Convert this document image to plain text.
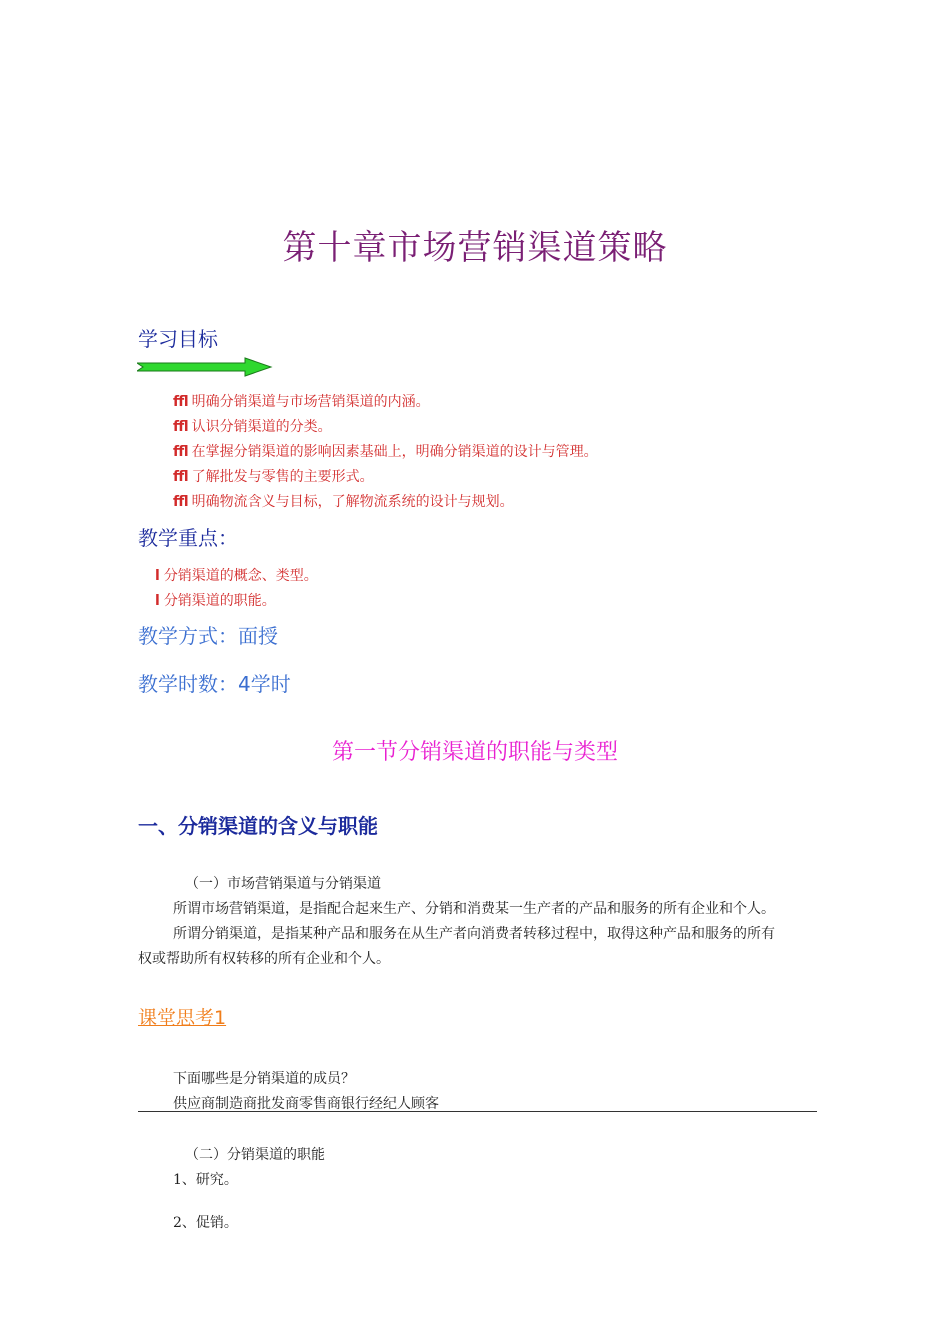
第十章市场营销渠道策略
学习目标
ffl 明确分销渠道与市场营销渠道的内涵。
ffl 认识分销渠道的分类。
ffl 在掌握分销渠道的影响因素基础上，明确分销渠道的设计与管理。
ffl 了解批发与零售的主要形式。
ffl 明确物流含义与目标，了解物流系统的设计与规划。
教学重点：
l 分销渠道的概念、类型。
l 分销渠道的职能。
教学方式：面授
教学时数：4学时
第一节分销渠道的职能与类型
一、分销渠道的含义与职能
（一）市场营销渠道与分销渠道
所谓市场营销渠道，是指配合起来生产、分销和消费某一生产者的产品和服务的所有企业和个人。
所谓分销渠道，是指某种产品和服务在从生产者向消费者转移过程中，取得这种产品和服务的所有
权或帮助所有权转移的所有企业和个人。
课堂思考1
下面哪些是分销渠道的成员？
供应商制造商批发商零售商银行经纪人顾客
（二）分销渠道的职能
1、研究。
2、促销。
